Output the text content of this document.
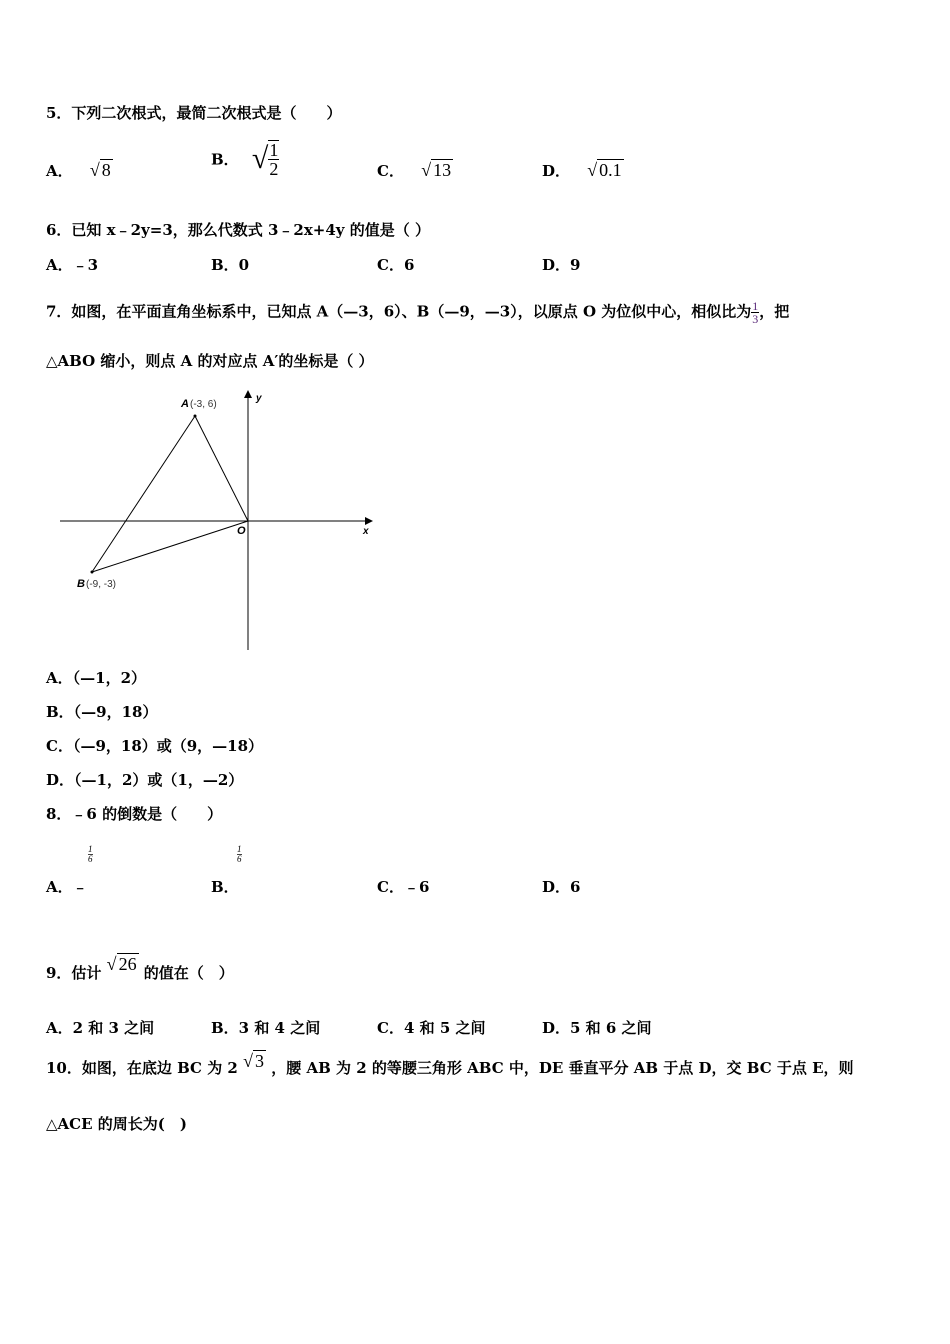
5．下列二次根式，最简二次根式是（　　）
A． √ 8
B． √ $\frac{1}{2}$	C． √ 13	D． √ 0.1
6．已知 x﹣2y=3，那么代数式 3﹣2x+4y 的值是（ ）
A．﹣3	B．0	C．6	D．9
7．如图，在平面直角坐标系中，已知点 A（—3，6）、B（—9，—3），以原点 O 为位似中心，相似比为 $\frac{1}{3}$ ，把
△ABO 缩小，则点 A 的对应点 A′的坐标是（ ）
x
y
A (-3, 6)
O
B (-9, -3)
A．（—1，2）
B．（—9，18）
C．（—9，18）或（9，—18）
D．（—1，2）或（1，—2）
8．﹣6 的倒数是（　　）
$\frac{1}{6}$
A．﹣
$\frac{1}{6}$
B．	C．﹣6	D．6
9．估计 √ 26 的值在（　）
A．2 和 3 之间	B．3 和 4 之间	C．4 和 5 之间	D．5 和 6 之间
10．如图，在底边 BC 为 2 √ 3 ，腰 AB 为 2 的等腰三角形 ABC 中，DE 垂直平分 AB 于点 D，交 BC 于点 E，则
△ACE 的周长为(　)
